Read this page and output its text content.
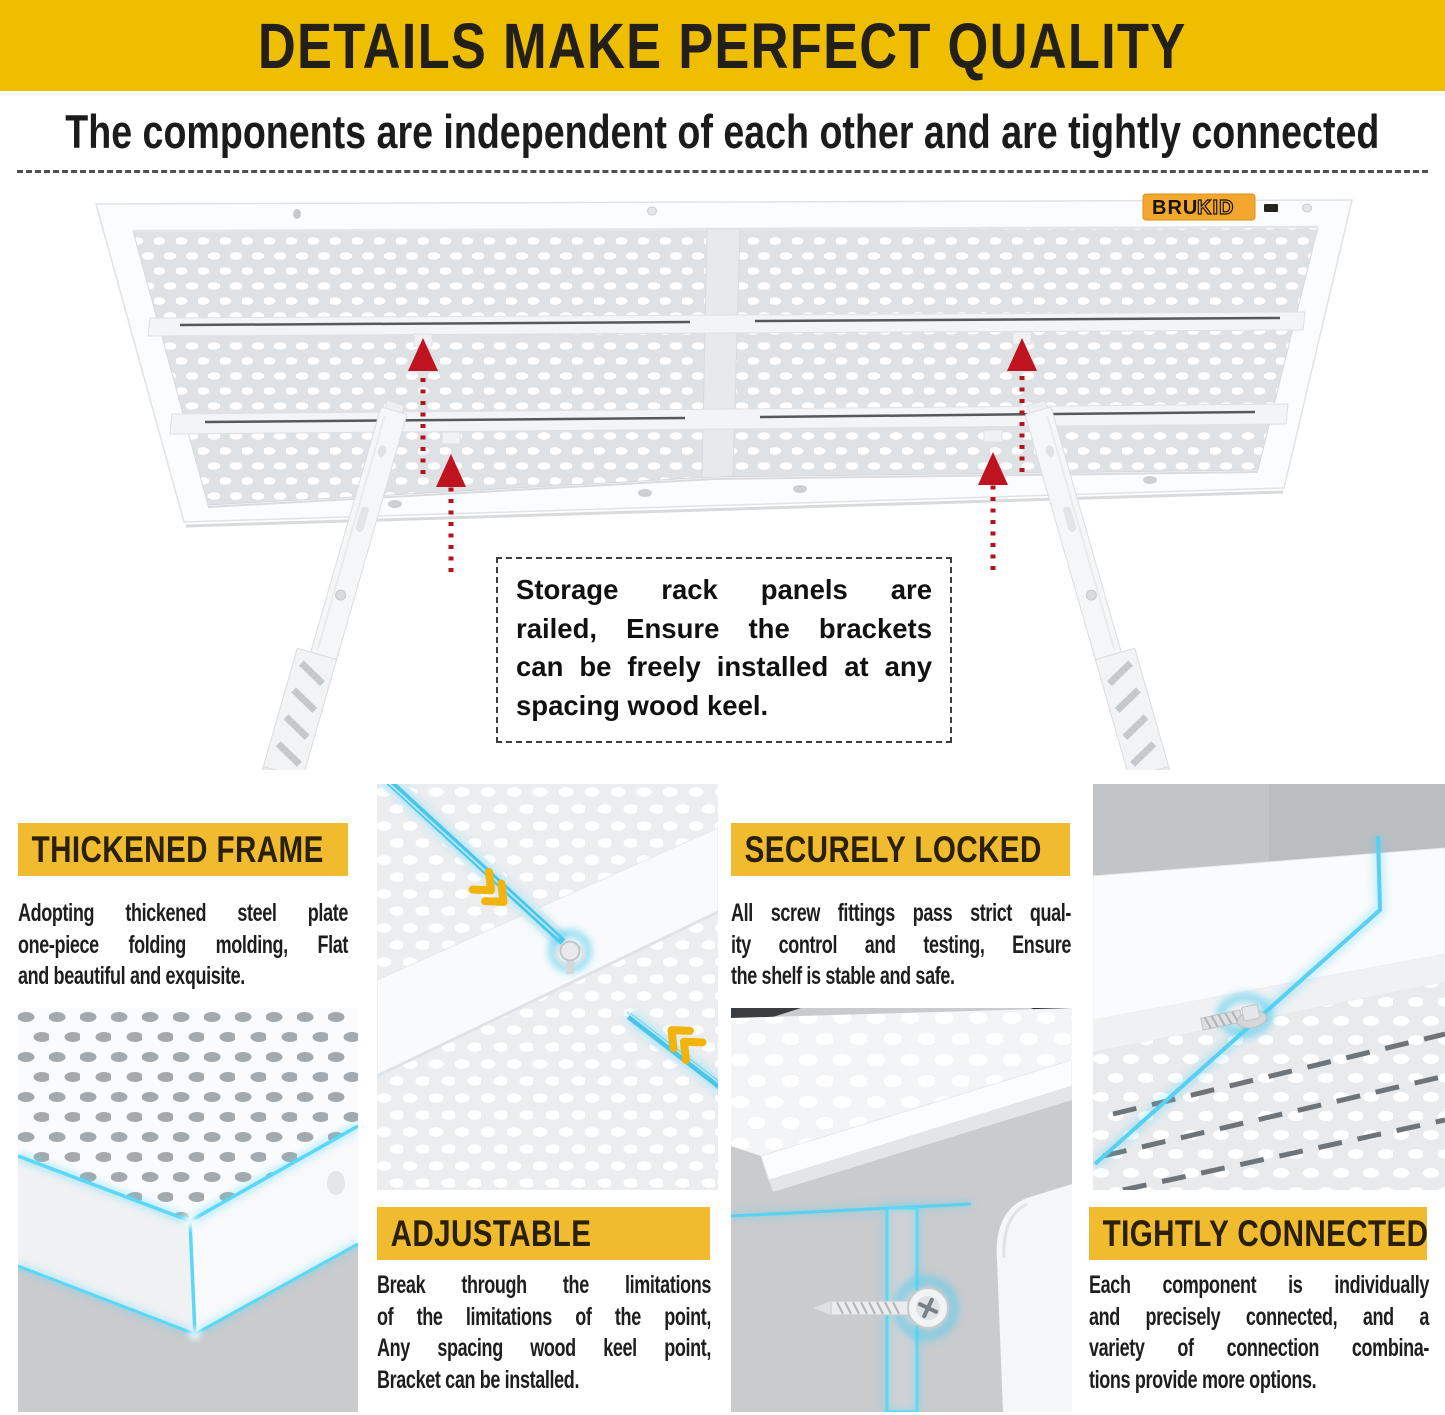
DETAILS MAKE PERFECT QUALITY
The components are independent of each other and are tightly connected
BRU
KID
Storage rack panels are
railed, Ensure the brackets
can be freely installed at any
spacing wood keel.
THICKENED FRAME
Adopting thickened steel plate
one-piece folding molding, Flat
and beautiful and exquisite.
ADJUSTABLE
Break through the limitations
of the limitations of the point,
Any spacing wood keel point,
Bracket can be installed.
SECURELY LOCKED
All screw fittings pass strict qual-
ity control and testing, Ensure
the shelf is stable and safe.
TIGHTLY CONNECTED
Each component is individually
and precisely connected, and a
variety of connection combina-
tions provide more options.
